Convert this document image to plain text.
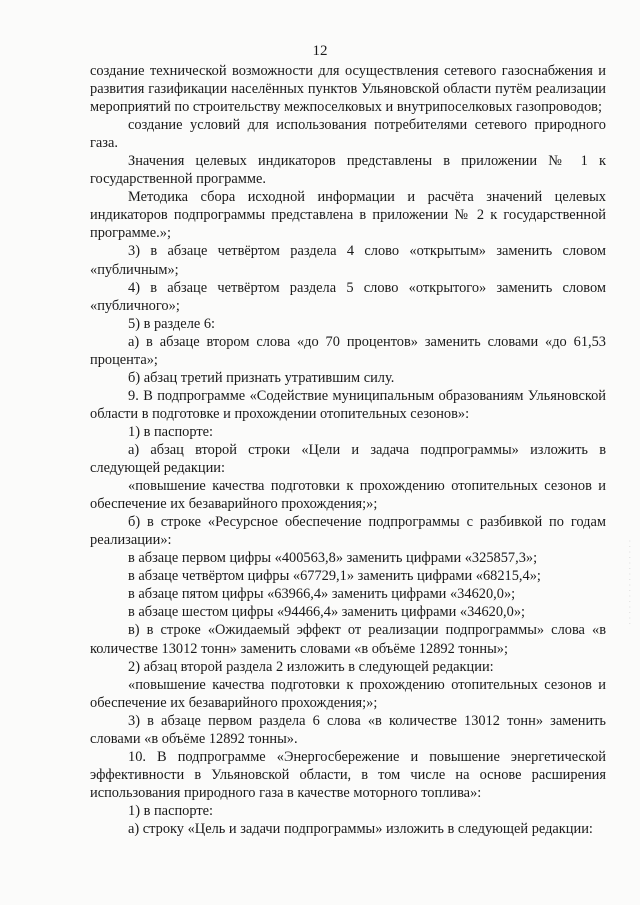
12

создание технической возможности для осуществления сетевого газоснабжения и развития газификации населённых пунктов Ульяновской области путём реализации мероприятий по строительству межпоселковых и внутрипоселковых газопроводов;

создание условий для использования потребителями сетевого природного газа.

Значения целевых индикаторов представлены в приложении № 1 к государственной программе.

Методика сбора исходной информации и расчёта значений целевых индикаторов подпрограммы представлена в приложении № 2 к государственной программе.»;

3) в абзаце четвёртом раздела 4 слово «открытым» заменить словом «публичным»;

4) в абзаце четвёртом раздела 5 слово «открытого» заменить словом «публичного»;

5) в разделе 6:

а) в абзаце втором слова «до 70 процентов» заменить словами «до 61,53 процента»;

б) абзац третий признать утратившим силу.

9. В подпрограмме «Содействие муниципальным образованиям Ульяновской области в подготовке и прохождении отопительных сезонов»:

1) в паспорте:

а) абзац второй строки «Цели и задача подпрограммы» изложить в следующей редакции:

«повышение качества подготовки к прохождению отопительных сезонов и обеспечение их безаварийного прохождения;»;

б) в строке «Ресурсное обеспечение подпрограммы с разбивкой по годам реализации»:

в абзаце первом цифры «400563,8» заменить цифрами «325857,3»;

в абзаце четвёртом цифры «67729,1» заменить цифрами «68215,4»;

в абзаце пятом цифры «63966,4» заменить цифрами «34620,0»;

в абзаце шестом цифры «94466,4» заменить цифрами «34620,0»;

в) в строке «Ожидаемый эффект от реализации подпрограммы» слова «в количестве 13012 тонн» заменить словами «в объёме 12892 тонны»;

2) абзац второй раздела 2 изложить в следующей редакции:

«повышение качества подготовки к прохождению отопительных сезонов и обеспечение их безаварийного прохождения;»;

3) в абзаце первом раздела 6 слова «в количестве 13012 тонн» заменить словами «в объёме 12892 тонны».

10. В подпрограмме «Энергосбережение и повышение энергетической эффективности в Ульяновской области, в том числе на основе расширения использования природного газа в качестве моторного топлива»:

1) в паспорте:

а) строку «Цель и задачи подпрограммы» изложить в следующей редакции:

· · · · · · · · · · · · · · · ·
